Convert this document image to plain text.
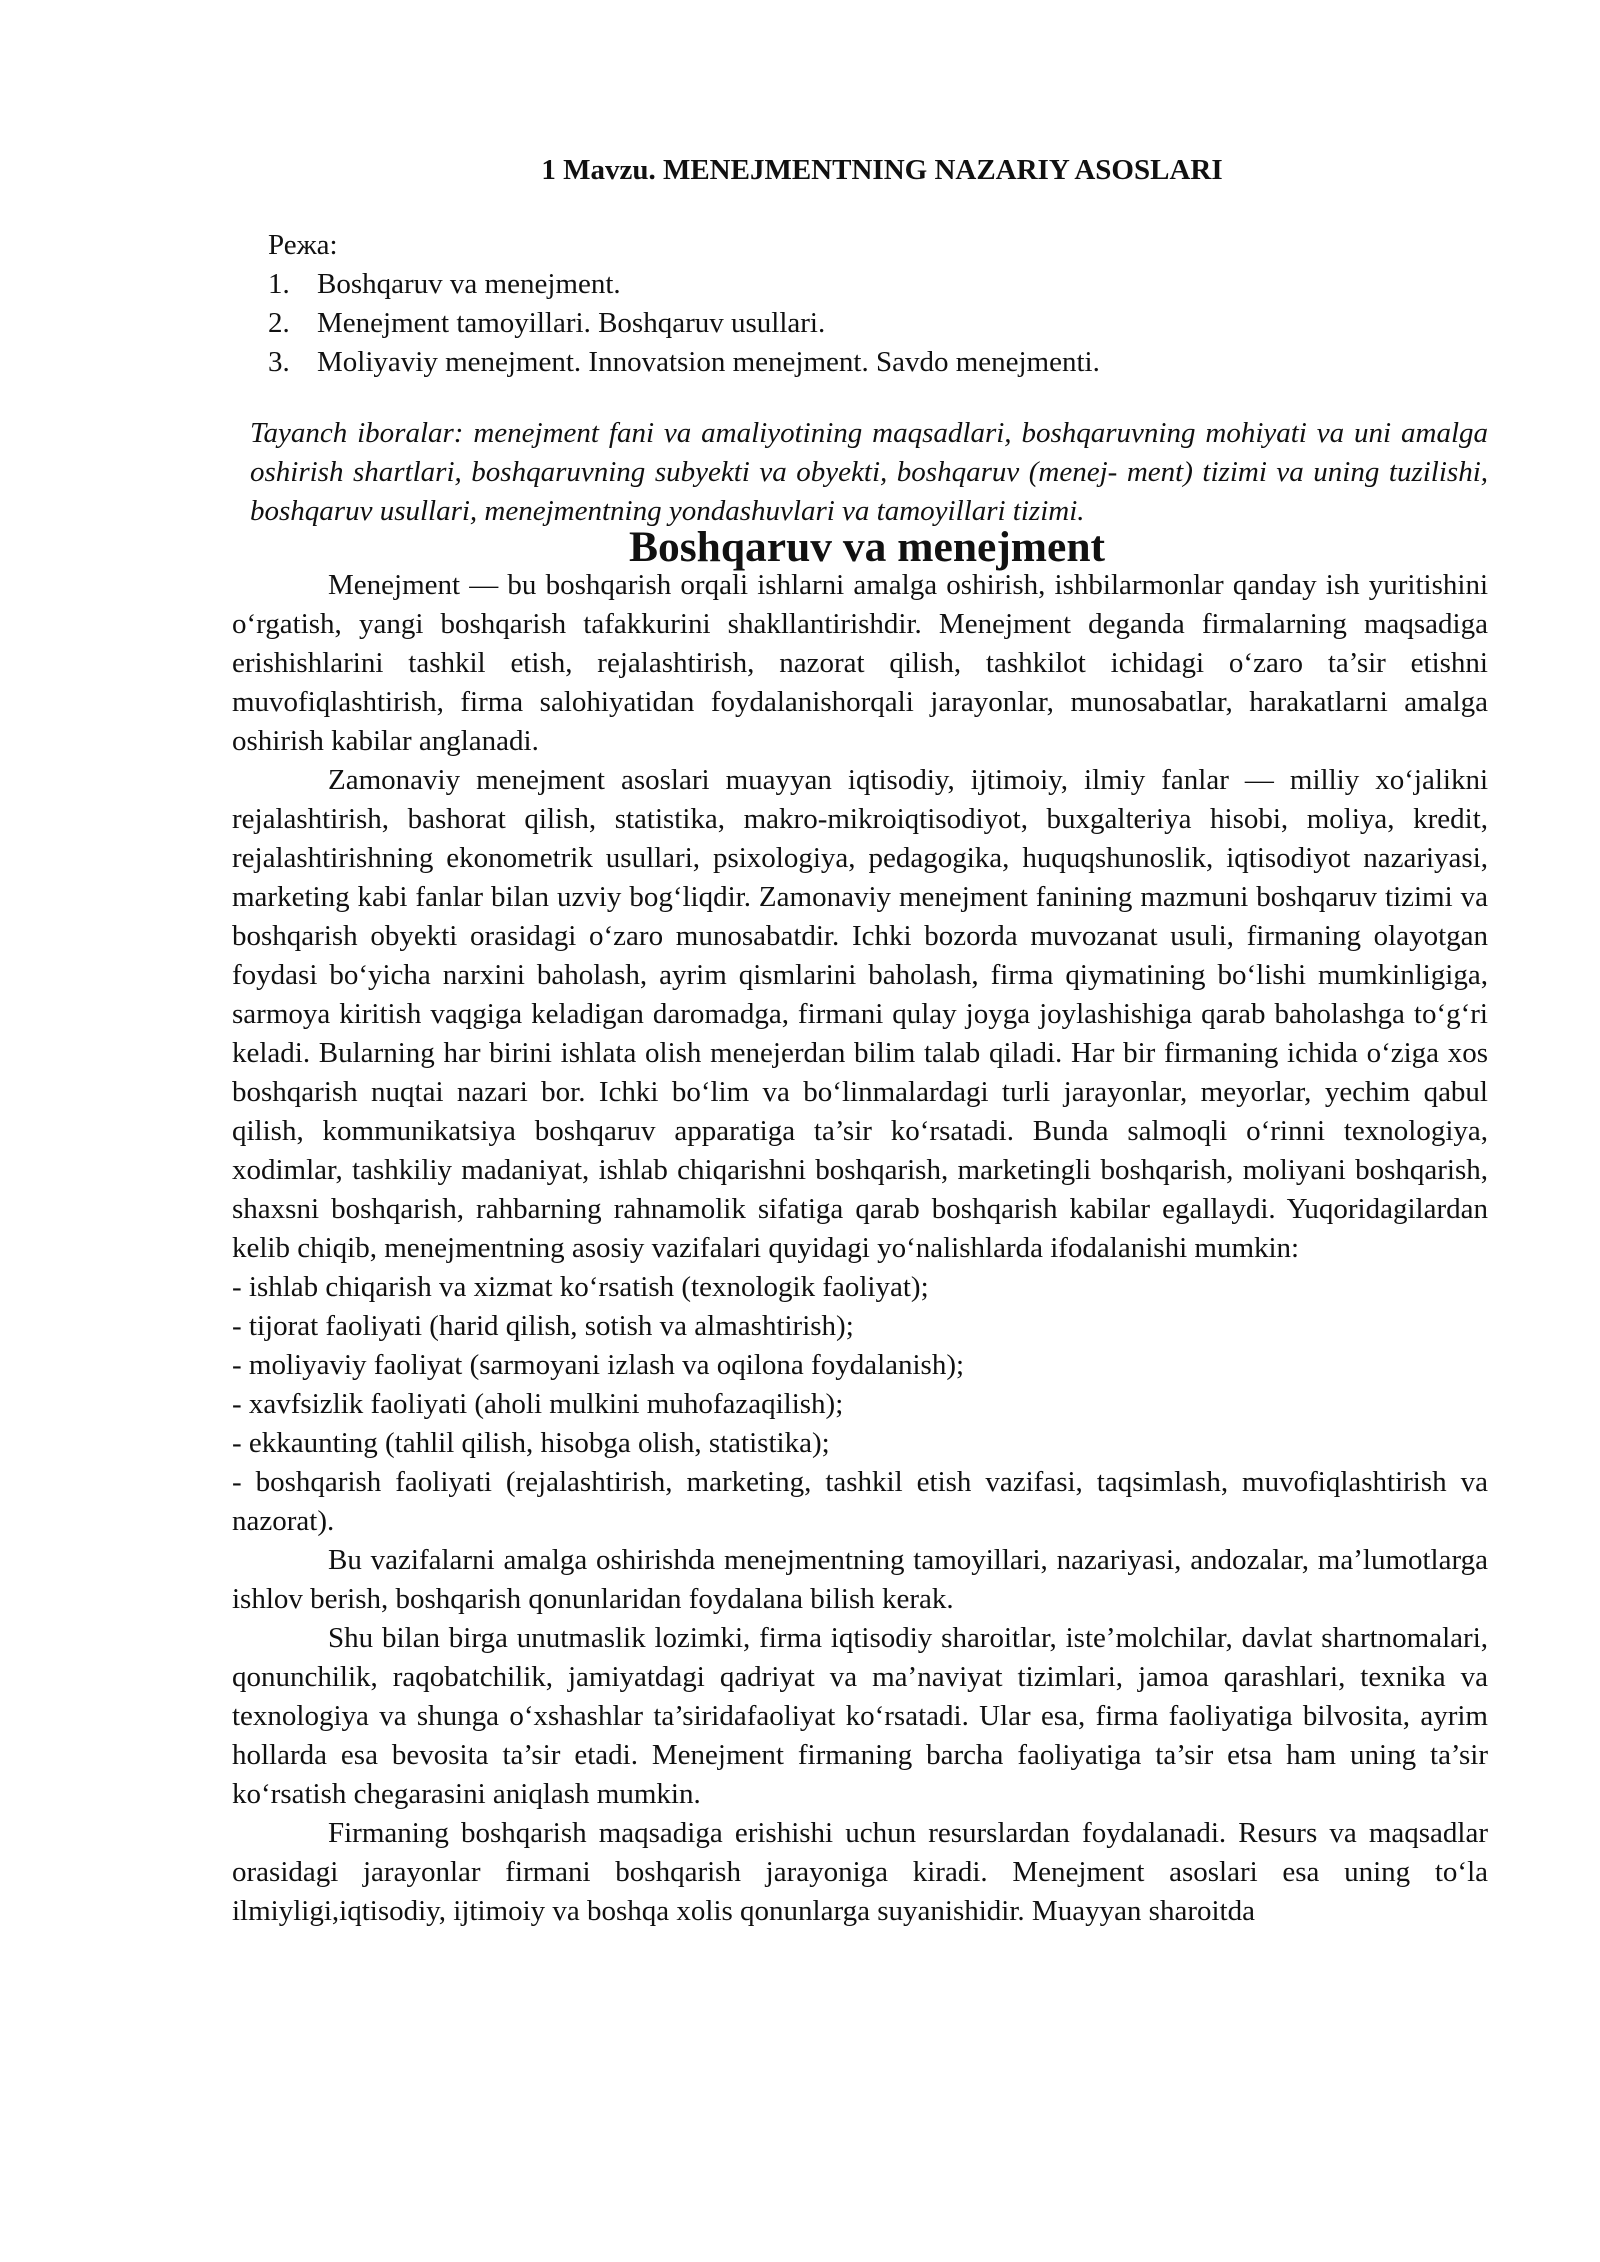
1 Mavzu. MENEJMENTNING NAZARIY ASOSLARI
Режа:
1. Boshqaruv va menejment.
2. Menejment tamoyillari. Boshqaruv usullari.
3. Moliyaviy menejment. Innovatsion menejment. Savdo menejmenti.

Tayanch iboralar: menejment fani va amaliyotining maqsadlari, boshqaruvning mohiyati va uni amalga oshirish shartlari, boshqaruvning subyekti va obyekti, boshqaruv (menej- ment) tizimi va uning tuzilishi, boshqaruv usullari, menejmentning yondashuvlari va tamoyillari tizimi.

Boshqaruv va menejment

Menejment — bu boshqarish orqali ishlarni amalga oshirish, ishbilarmonlar qanday ish yuritishini o‘rgatish, yangi boshqarish tafakkurini shakllantirishdir. Menejment deganda firmalarning maqsadiga erishishlarini tashkil etish, rejalashtirish, nazorat qilish, tashkilot ichidagi o‘zaro ta’sir etishni muvofiqlashtirish, firma salohiyatidan foydalanishorqali jarayonlar, munosabatlar, harakatlarni amalga oshirish kabilar anglanadi.

Zamonaviy menejment asoslari muayyan iqtisodiy, ijtimoiy, ilmiy fanlar — milliy xo‘jalikni rejalashtirish, bashorat qilish, statistika, makro-mikroiqtisodiyot, buxgalteriya hisobi, moliya, kredit, rejalashtirishning ekonometrik usullari, psixologiya, pedagogika, huquqshunoslik, iqtisodiyot nazariyasi, marketing kabi fanlar bilan uzviy bog‘liqdir. Zamonaviy menejment fanining mazmuni boshqaruv tizimi va boshqarish obyekti orasidagi o‘zaro munosabatdir. Ichki bozorda muvozanat usuli, firmaning olayotgan foydasi bo‘yicha narxini baholash, ayrim qismlarini baholash, firma qiymatining bo‘lishi mumkinligiga, sarmoya kiritish vaqgiga keladigan daromadga, firmani qulay joyga joylashishiga qarab baholashga to‘g‘ri keladi. Bularning har birini ishlata olish menejerdan bilim talab qiladi. Har bir firmaning ichida o‘ziga xos boshqarish nuqtai nazari bor. Ichki bo‘lim va bo‘linmalardagi turli jarayonlar, meyorlar, yechim qabul qilish, kommunikatsiya boshqaruv apparatiga ta’sir ko‘rsatadi. Bunda salmoqli o‘rinni texnologiya, xodimlar, tashkiliy madaniyat, ishlab chiqarishni boshqarish, marketingli boshqarish, moliyani boshqarish, shaxsni boshqarish, rahbarning rahnamolik sifatiga qarab boshqarish kabilar egallaydi. Yuqoridagilardan kelib chiqib, menejmentning asosiy vazifalari quyidagi yo‘nalishlarda ifodalanishi mumkin:

- ishlab chiqarish va xizmat ko‘rsatish (texnologik faoliyat);
- tijorat faoliyati (harid qilish, sotish va almashtirish);
- moliyaviy faoliyat (sarmoyani izlash va oqilona foydalanish);
- xavfsizlik faoliyati (aholi mulkini muhofazaqilish);
- ekkaunting (tahlil qilish, hisobga olish, statistika);
- boshqarish faoliyati (rejalashtirish, marketing, tashkil etish vazifasi, taqsimlash, muvofiqlashtirish va nazorat).

Bu vazifalarni amalga oshirishda menejmentning tamoyillari, nazariyasi, andozalar, ma’lumotlarga ishlov berish, boshqarish qonunlaridan foydalana bilish kerak.

Shu bilan birga unutmaslik lozimki, firma iqtisodiy sharoitlar, iste’molchilar, davlat shartnomalari, qonunchilik, raqobatchilik, jamiyatdagi qadriyat va ma’naviyat tizimlari, jamoa qarashlari, texnika va texnologiya va shunga o‘xshashlar ta’siridafaoliyat ko‘rsatadi. Ular esa, firma faoliyatiga bilvosita, ayrim hollarda esa bevosita ta’sir etadi. Menejment firmaning barcha faoliyatiga ta’sir etsa ham uning ta’sir ko‘rsatish chegarasini aniqlash mumkin.

Firmaning boshqarish maqsadiga erishishi uchun resurslardan foydalanadi. Resurs va maqsadlar orasidagi jarayonlar firmani boshqarish jarayoniga kiradi. Menejment asoslari esa uning to‘la ilmiyligi,iqtisodiy, ijtimoiy va boshqa xolis qonunlarga suyanishidir. Muayyan sharoitda
